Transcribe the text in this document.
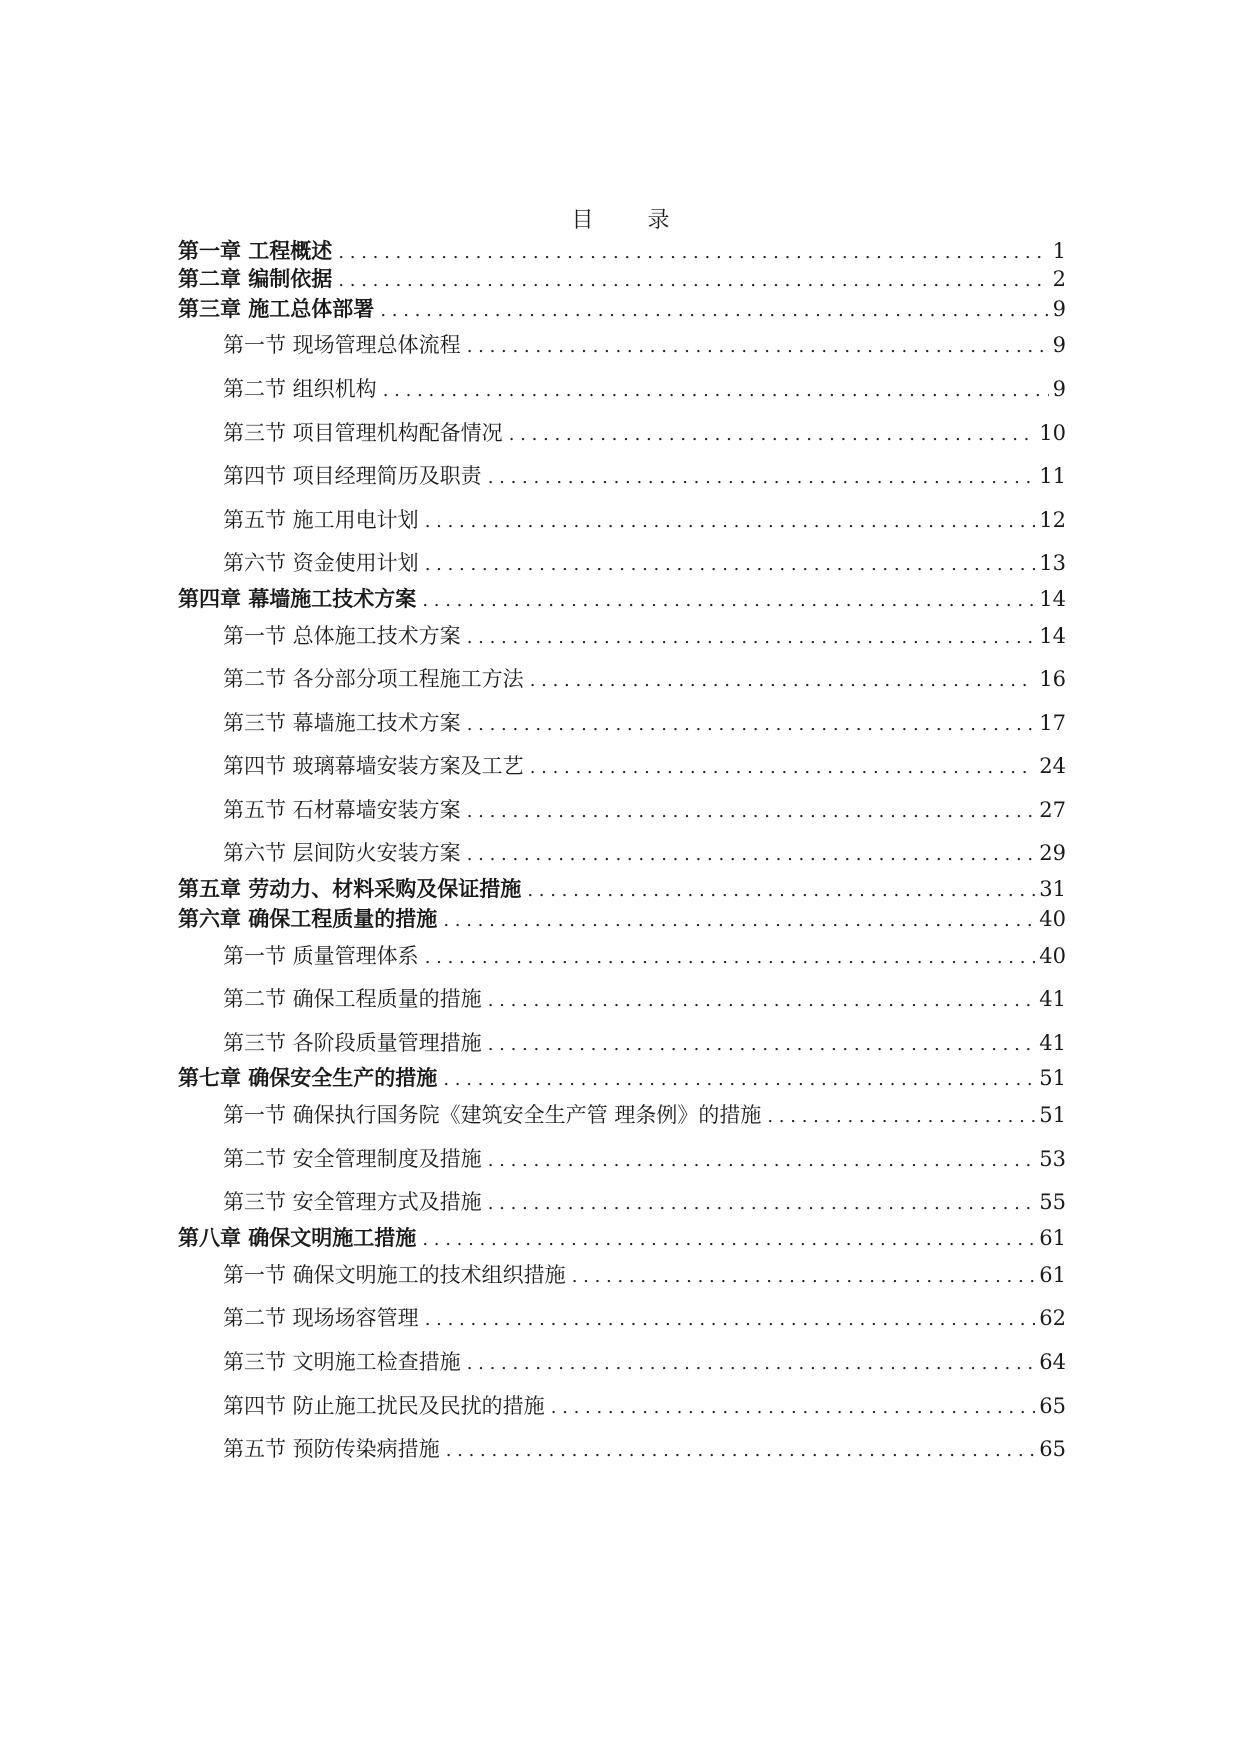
目 录
第一章 工程概述 . . .	1
第二章 编制依据 . . .	2
第三章 施工总体部署 . . .	9
第一节 现场管理总体流程 . . .	9
第二节 组织机构 . . .	9
第三节 项目管理机构配备情况 . . .	10
第四节 项目经理简历及职责 . . .	11
第五节 施工用电计划 . . .	12
第六节 资金使用计划 . . .	13
第四章 幕墙施工技术方案 . . .	14
第一节 总体施工技术方案 . . .	14
第二节 各分部分项工程施工方法 . . .	16
第三节 幕墙施工技术方案 . . .	17
第四节 玻璃幕墙安装方案及工艺 . . .	24
第五节 石材幕墙安装方案 . . .	27
第六节 层间防火安装方案 . . .	29
第五章 劳动力、材料采购及保证措施 . . .	31
第六章 确保工程质量的措施 . . .	40
第一节 质量管理体系 . . .	40
第二节 确保工程质量的措施 . . .	41
第三节 各阶段质量管理措施 . . .	41
第七章 确保安全生产的措施 . . .	51
第一节 确保执行国务院《建筑安全生产管 理条例》的措施 . . .	51
第二节 安全管理制度及措施 . . .	53
第三节 安全管理方式及措施 . . .	55
第八章 确保文明施工措施 . . .	61
第一节 确保文明施工的技术组织措施 . . .	61
第二节 现场场容管理 . . .	62
第三节 文明施工检查措施 . . .	64
第四节 防止施工扰民及民扰的措施 . . .	65
第五节 预防传染病措施 . . .	65
